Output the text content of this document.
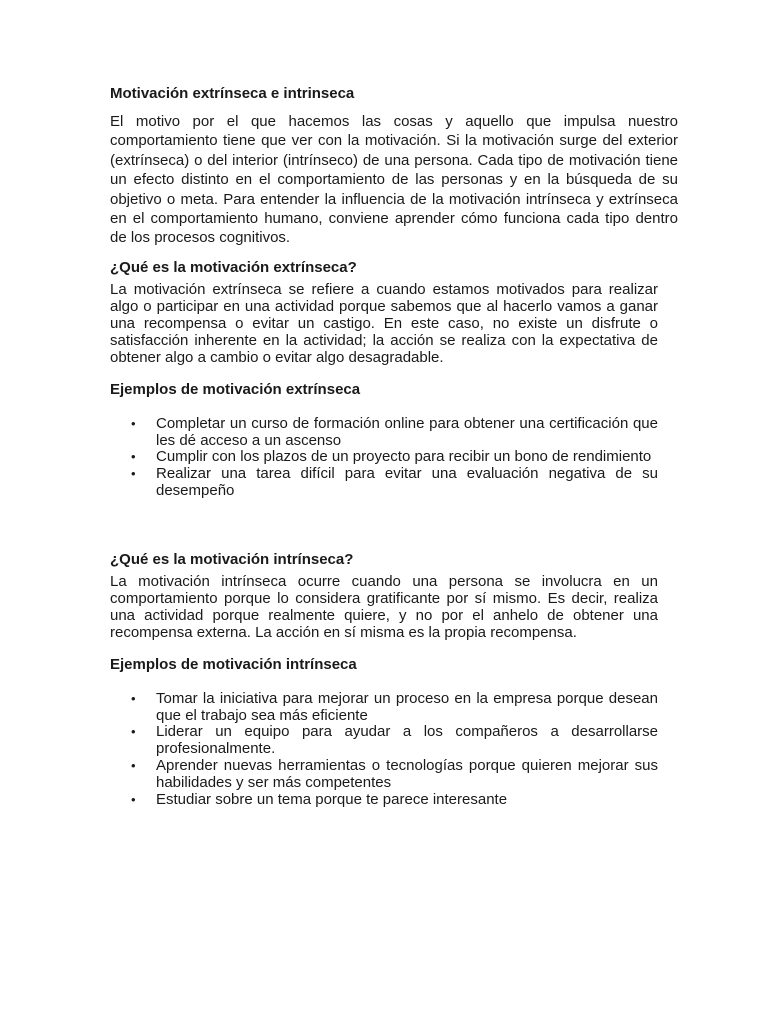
Motivación extrínseca e intrinseca

El motivo por el que hacemos las cosas y aquello que impulsa nuestro comportamiento tiene que ver con la motivación. Si la motivación surge del exterior (extrínseca) o del interior (intrínseco) de una persona. Cada tipo de motivación tiene un efecto distinto en el comportamiento de las personas y en la búsqueda de su objetivo o meta. Para entender la influencia de la motivación intrínseca y extrínseca en el comportamiento humano, conviene aprender cómo funciona cada tipo dentro de los procesos cognitivos.

¿Qué es la motivación extrínseca?

La motivación extrínseca se refiere a cuando estamos motivados para realizar algo o participar en una actividad porque sabemos que al hacerlo vamos a ganar una recompensa o evitar un castigo. En este caso, no existe un disfrute o satisfacción inherente en la actividad; la acción se realiza con la expectativa de obtener algo a cambio o evitar algo desagradable.

Ejemplos de motivación extrínseca
• Completar un curso de formación online para obtener una certificación que les dé acceso a un ascenso
• Cumplir con los plazos de un proyecto para recibir un bono de rendimiento
• Realizar una tarea difícil para evitar una evaluación negativa de su desempeño
¿Qué es la motivación intrínseca?

La motivación intrínseca ocurre cuando una persona se involucra en un comportamiento porque lo considera gratificante por sí mismo. Es decir, realiza una actividad porque realmente quiere, y no por el anhelo de obtener una recompensa externa. La acción en sí misma es la propia recompensa.

Ejemplos de motivación intrínseca
• Tomar la iniciativa para mejorar un proceso en la empresa porque desean que el trabajo sea más eficiente
• Liderar un equipo para ayudar a los compañeros a desarrollarse profesionalmente.
• Aprender nuevas herramientas o tecnologías porque quieren mejorar sus habilidades y ser más competentes
• Estudiar sobre un tema porque te parece interesante
